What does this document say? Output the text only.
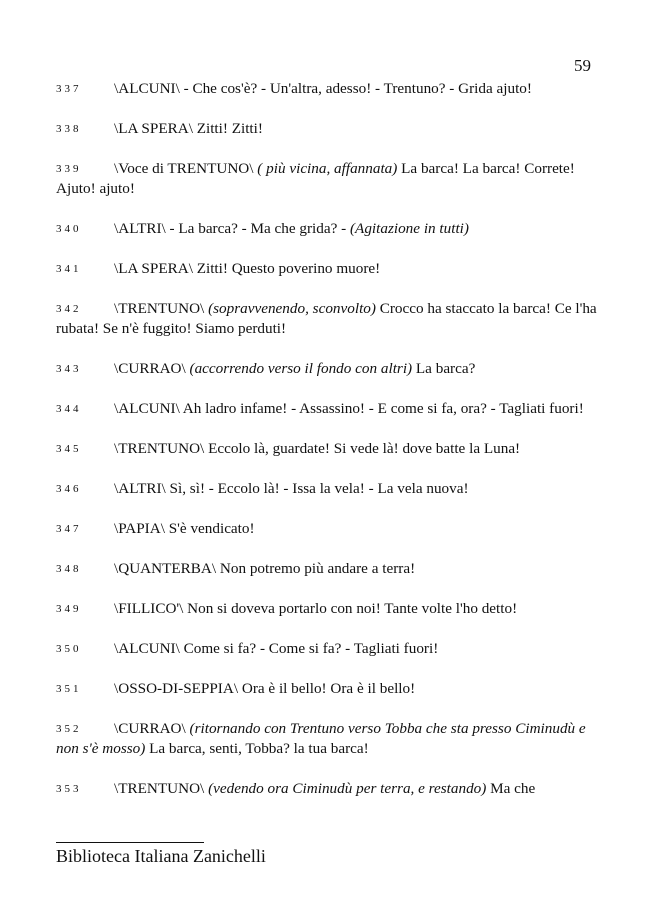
59

337 \ALCUNI\ - Che cos'è? - Un'altra, adesso! - Trentuno? - Grida ajuto!

338 \LA SPERA\ Zitti! Zitti!

339 \Voce di TRENTUNO\ ( più vicina, affannata) La barca! La barca! Correte! Ajuto! ajuto!

340 \ALTRI\ - La barca? - Ma che grida? - (Agitazione in tutti)

341 \LA SPERA\ Zitti! Questo poverino muore!

342 \TRENTUNO\ (sopravvenendo, sconvolto) Crocco ha staccato la barca! Ce l'ha rubata! Se n'è fuggito! Siamo perduti!

343 \CURRAO\ (accorrendo verso il fondo con altri) La barca?

344 \ALCUNI\ Ah ladro infame! - Assassino! - E come si fa, ora? - Tagliati fuori!

345 \TRENTUNO\ Eccolo là, guardate! Si vede là! dove batte la Luna!

346 \ALTRI\ Sì, sì! - Eccolo là! - Issa la vela! - La vela nuova!

347 \PAPIA\ S'è vendicato!

348 \QUANTERBA\ Non potremo più andare a terra!

349 \FILLICO'\ Non si doveva portarlo con noi! Tante volte l'ho detto!

350 \ALCUNI\ Come si fa? - Come si fa? - Tagliati fuori!

351 \OSSO-DI-SEPPIA\ Ora è il bello! Ora è il bello!

352 \CURRAO\ (ritornando con Trentuno verso Tobba che sta presso Ciminudù e non s'è mosso) La barca, senti, Tobba? la tua barca!

353 \TRENTUNO\ (vedendo ora Ciminudù per terra, e restando) Ma che

Biblioteca Italiana Zanichelli
